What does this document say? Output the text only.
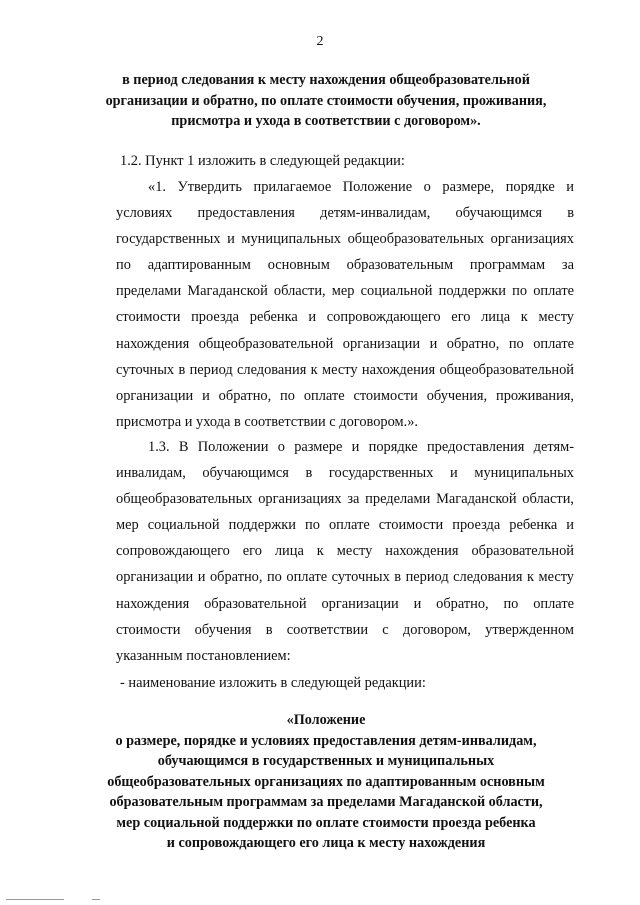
2
в период следования к месту нахождения общеобразовательной
организации и обратно, по оплате стоимости обучения, проживания,
присмотра и ухода в соответствии с договором».
1.2. Пункт 1 изложить в следующей редакции:
«1. Утвердить прилагаемое Положение о размере, порядке и условиях предоставления детям-инвалидам, обучающимся в государственных и муниципальных общеобразовательных организациях по адаптированным основным образовательным программам за пределами Магаданской области, мер социальной поддержки по оплате стоимости проезда ребенка и сопровождающего его лица к месту нахождения общеобразовательной организации и обратно, по оплате суточных в период следования к месту нахождения общеобразовательной организации и обратно, по оплате стоимости обучения, проживания, присмотра и ухода в соответствии с договором.».
1.3. В Положении о размере и порядке предоставления детям-инвалидам, обучающимся в государственных и муниципальных общеобразовательных организациях за пределами Магаданской области, мер социальной поддержки по оплате стоимости проезда ребенка и сопровождающего его лица к месту нахождения образовательной организации и обратно, по оплате суточных в период следования к месту нахождения образовательной организации и обратно, по оплате стоимости обучения в соответствии с договором, утвержденном указанным постановлением:
- наименование изложить в следующей редакции:
«Положение
о размере, порядке и условиях предоставления детям-инвалидам,
обучающимся в государственных и муниципальных
общеобразовательных организациях по адаптированным основным
образовательным программам за пределами Магаданской области,
мер социальной поддержки по оплате стоимости проезда ребенка
и сопровождающего его лица к месту нахождения
